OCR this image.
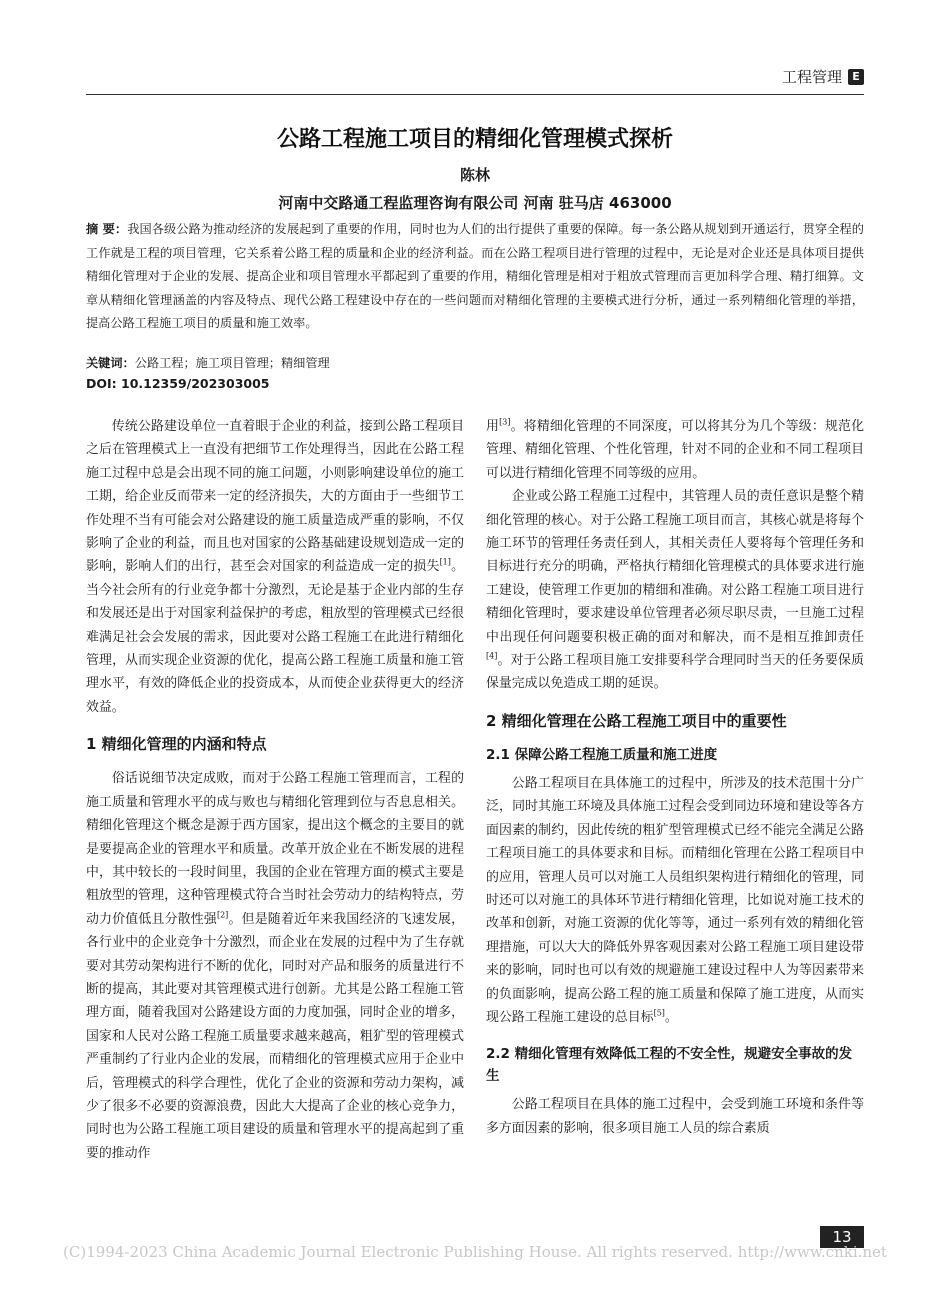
工程管理 E
公路工程施工项目的精细化管理模式探析
陈林
河南中交路通工程监理咨询有限公司 河南 驻马店 463000
摘 要：我国各级公路为推动经济的发展起到了重要的作用，同时也为人们的出行提供了重要的保障。每一条公路从规划到开通运行，贯穿全程的工作就是工程的项目管理，它关系着公路工程的质量和企业的经济利益。而在公路工程项目进行管理的过程中，无论是对企业还是具体项目提供精细化管理对于企业的发展、提高企业和项目管理水平都起到了重要的作用，精细化管理是相对于粗放式管理而言更加科学合理、精打细算。文章从精细化管理涵盖的内容及特点、现代公路工程建设中存在的一些问题而对精细化管理的主要模式进行分析，通过一系列精细化管理的举措，提高公路工程施工项目的质量和施工效率。
关键词：公路工程；施工项目管理；精细管理
DOI: 10.12359/202303005

传统公路建设单位一直着眼于企业的利益，接到公路工程项目之后在管理模式上一直没有把细节工作处理得当，因此在公路工程施工过程中总是会出现不同的施工问题，小则影响建设单位的施工工期，给企业反而带来一定的经济损失，大的方面由于一些细节工作处理不当有可能会对公路建设的施工质量造成严重的影响，不仅影响了企业的利益，而且也对国家的公路基础建设规划造成一定的影响，影响人们的出行，甚至会对国家的利益造成一定的损失[1]。当今社会所有的行业竞争都十分激烈，无论是基于企业内部的生存和发展还是出于对国家利益保护的考虑，粗放型的管理模式已经很难满足社会会发展的需求，因此要对公路工程施工在此进行精细化管理，从而实现企业资源的优化，提高公路工程施工质量和施工管理水平，有效的降低企业的投资成本，从而使企业获得更大的经济效益。

1 精细化管理的内涵和特点

俗话说细节决定成败，而对于公路工程施工管理而言，工程的施工质量和管理水平的成与败也与精细化管理到位与否息息相关。精细化管理这个概念是源于西方国家，提出这个概念的主要目的就是要提高企业的管理水平和质量。改革开放企业在不断发展的进程中，其中较长的一段时间里，我国的企业在管理方面的模式主要是粗放型的管理，这种管理模式符合当时社会劳动力的结构特点，劳动力价值低且分散性强[2]。但是随着近年来我国经济的飞速发展，各行业中的企业竞争十分激烈，而企业在发展的过程中为了生存就要对其劳动架构进行不断的优化，同时对产品和服务的质量进行不断的提高，其此要对其管理模式进行创新。尤其是公路工程施工管理方面，随着我国对公路建设方面的力度加强，同时企业的增多，国家和人民对公路工程施工质量要求越来越高，粗犷型的管理模式严重制约了行业内企业的发展，而精细化的管理模式应用于企业中后，管理模式的科学合理性，优化了企业的资源和劳动力架构，减少了很多不必要的资源浪费，因此大大提高了企业的核心竞争力，同时也为公路工程施工项目建设的质量和管理水平的提高起到了重要的推动作

用[3]。将精细化管理的不同深度，可以将其分为几个等级：规范化管理、精细化管理、个性化管理，针对不同的企业和不同工程项目可以进行精细化管理不同等级的应用。

企业或公路工程施工过程中，其管理人员的责任意识是整个精细化管理的核心。对于公路工程施工项目而言，其核心就是将每个施工环节的管理任务责任到人，其相关责任人要将每个管理任务和目标进行充分的明确，严格执行精细化管理模式的具体要求进行施工建设，使管理工作更加的精细和准确。对公路工程施工项目进行精细化管理时，要求建设单位管理者必须尽职尽责，一旦施工过程中出现任何问题要积极正确的面对和解决，而不是相互推卸责任[4]。对于公路工程项目施工安排要科学合理同时当天的任务要保质保量完成以免造成工期的延误。

2 精细化管理在公路工程施工项目中的重要性
2.1 保障公路工程施工质量和施工进度

公路工程项目在具体施工的过程中，所涉及的技术范围十分广泛，同时其施工环境及具体施工过程会受到同边环境和建设等各方面因素的制约，因此传统的粗犷型管理模式已经不能完全满足公路工程项目施工的具体要求和目标。而精细化管理在公路工程项目中的应用，管理人员可以对施工人员组织架构进行精细化的管理，同时还可以对施工的具体环节进行精细化管理，比如说对施工技术的改革和创新，对施工资源的优化等等，通过一系列有效的精细化管理措施，可以大大的降低外界客观因素对公路工程施工项目建设带来的影响，同时也可以有效的规避施工建设过程中人为等因素带来的负面影响，提高公路工程的施工质量和保障了施工进度，从而实现公路工程施工建设的总目标[5]。

2.2 精细化管理有效降低工程的不安全性，规避安全事故的发生

公路工程项目在具体的施工过程中，会受到施工环境和条件等多方面因素的影响，很多项目施工人员的综合素质

13
(C)1994-2023 China Academic Journal Electronic Publishing House. All rights reserved. http://www.cnki.net
